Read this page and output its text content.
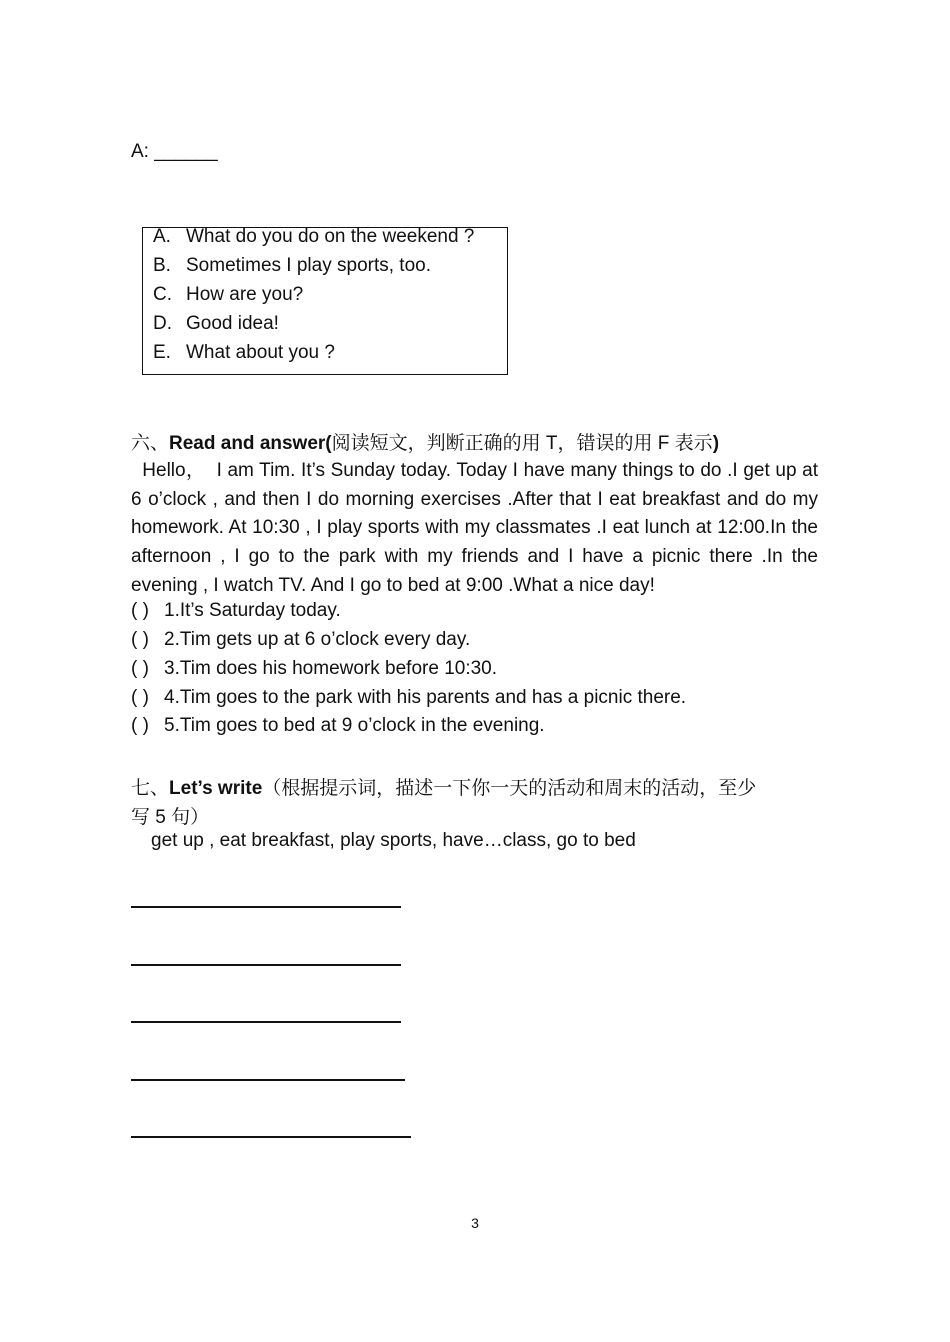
A: ______
A. What do you do on the weekend ?
B. Sometimes I play sports, too.
C. How are you?
D. Good idea!
E. What about you ?
六、Read and answer(阅读短文，判断正确的用 T，错误的用 F 表示)
Hello，  I am Tim. It’s Sunday today. Today I have many things to do .I get up at 6 o’clock , and then I do morning exercises .After that I eat breakfast and do my homework. At 10:30 , I play sports with my classmates .I eat lunch at 12:00.In the afternoon , I go to the park with my friends and I have a picnic there .In the evening , I watch TV. And I go to bed at 9:00 .What a nice day!
( ) 1.It’s Saturday today.
( ) 2.Tim gets up at 6 o’clock every day.
( ) 3.Tim does his homework before 10:30.
( ) 4.Tim goes to the park with his parents and has a picnic there.
( ) 5.Tim goes to bed at 9 o’clock in the evening.
七、Let’s write（根据提示词，描述一下你一天的活动和周末的活动，至少
写 5 句）
get up , eat breakfast, play sports, have…class, go to bed
3
